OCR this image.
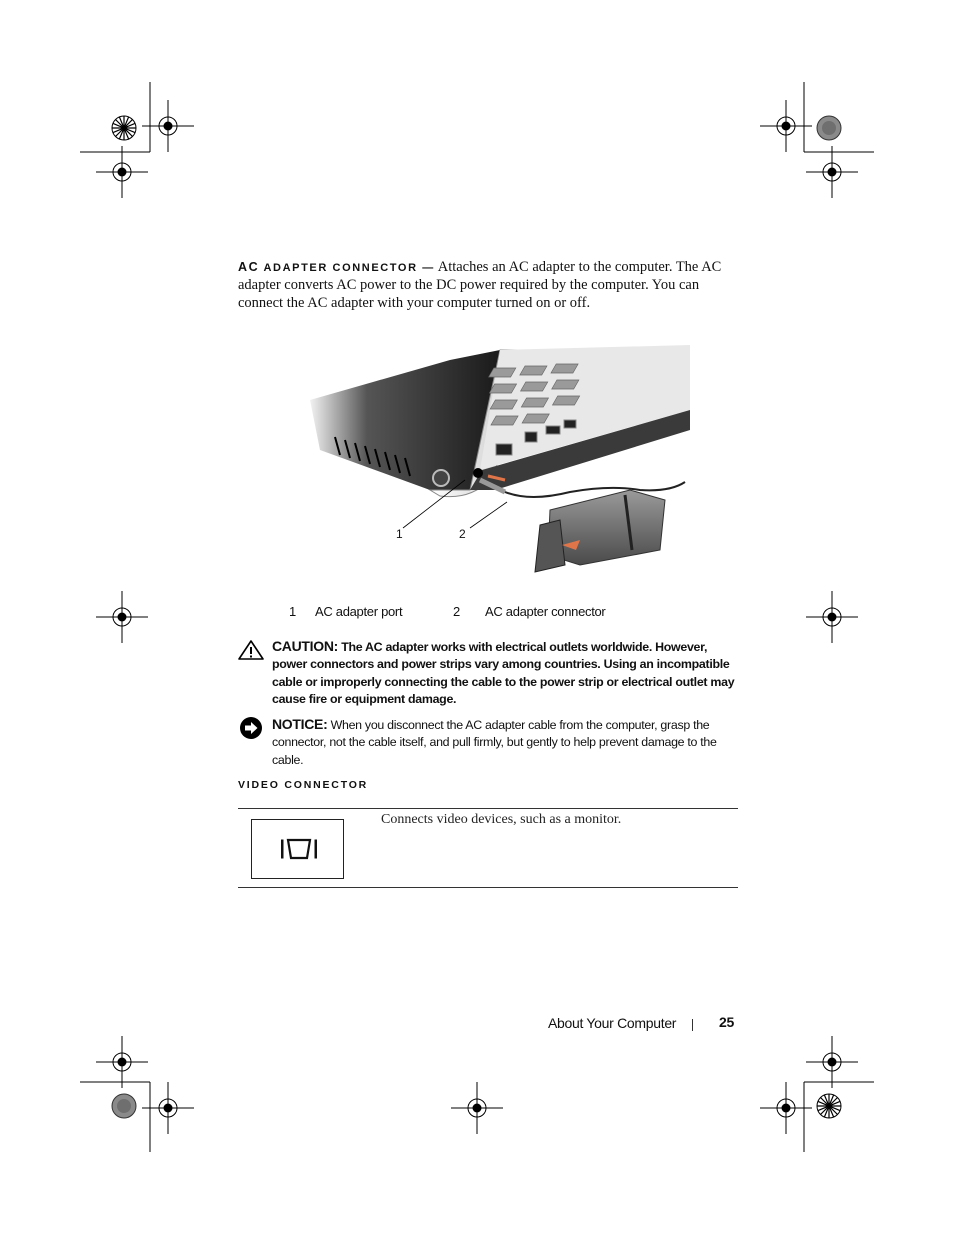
AC ADAPTER CONNECTOR — Attaches an AC adapter to the computer. The AC adapter converts AC power to the DC power required by the computer. You can connect the AC adapter with your computer turned on or off.
1	2
1 AC adapter port	2 AC adapter connector
CAUTION: The AC adapter works with electrical outlets worldwide. However, power connectors and power strips vary among countries. Using an incompatible cable or improperly connecting the cable to the power strip or electrical outlet may cause fire or equipment damage.
NOTICE: When you disconnect the AC adapter cable from the computer, grasp the connector, not the cable itself, and pull firmly, but gently to help prevent damage to the cable.
VIDEO CONNECTOR
Connects video devices, such as a monitor.
About Your Computer	25
